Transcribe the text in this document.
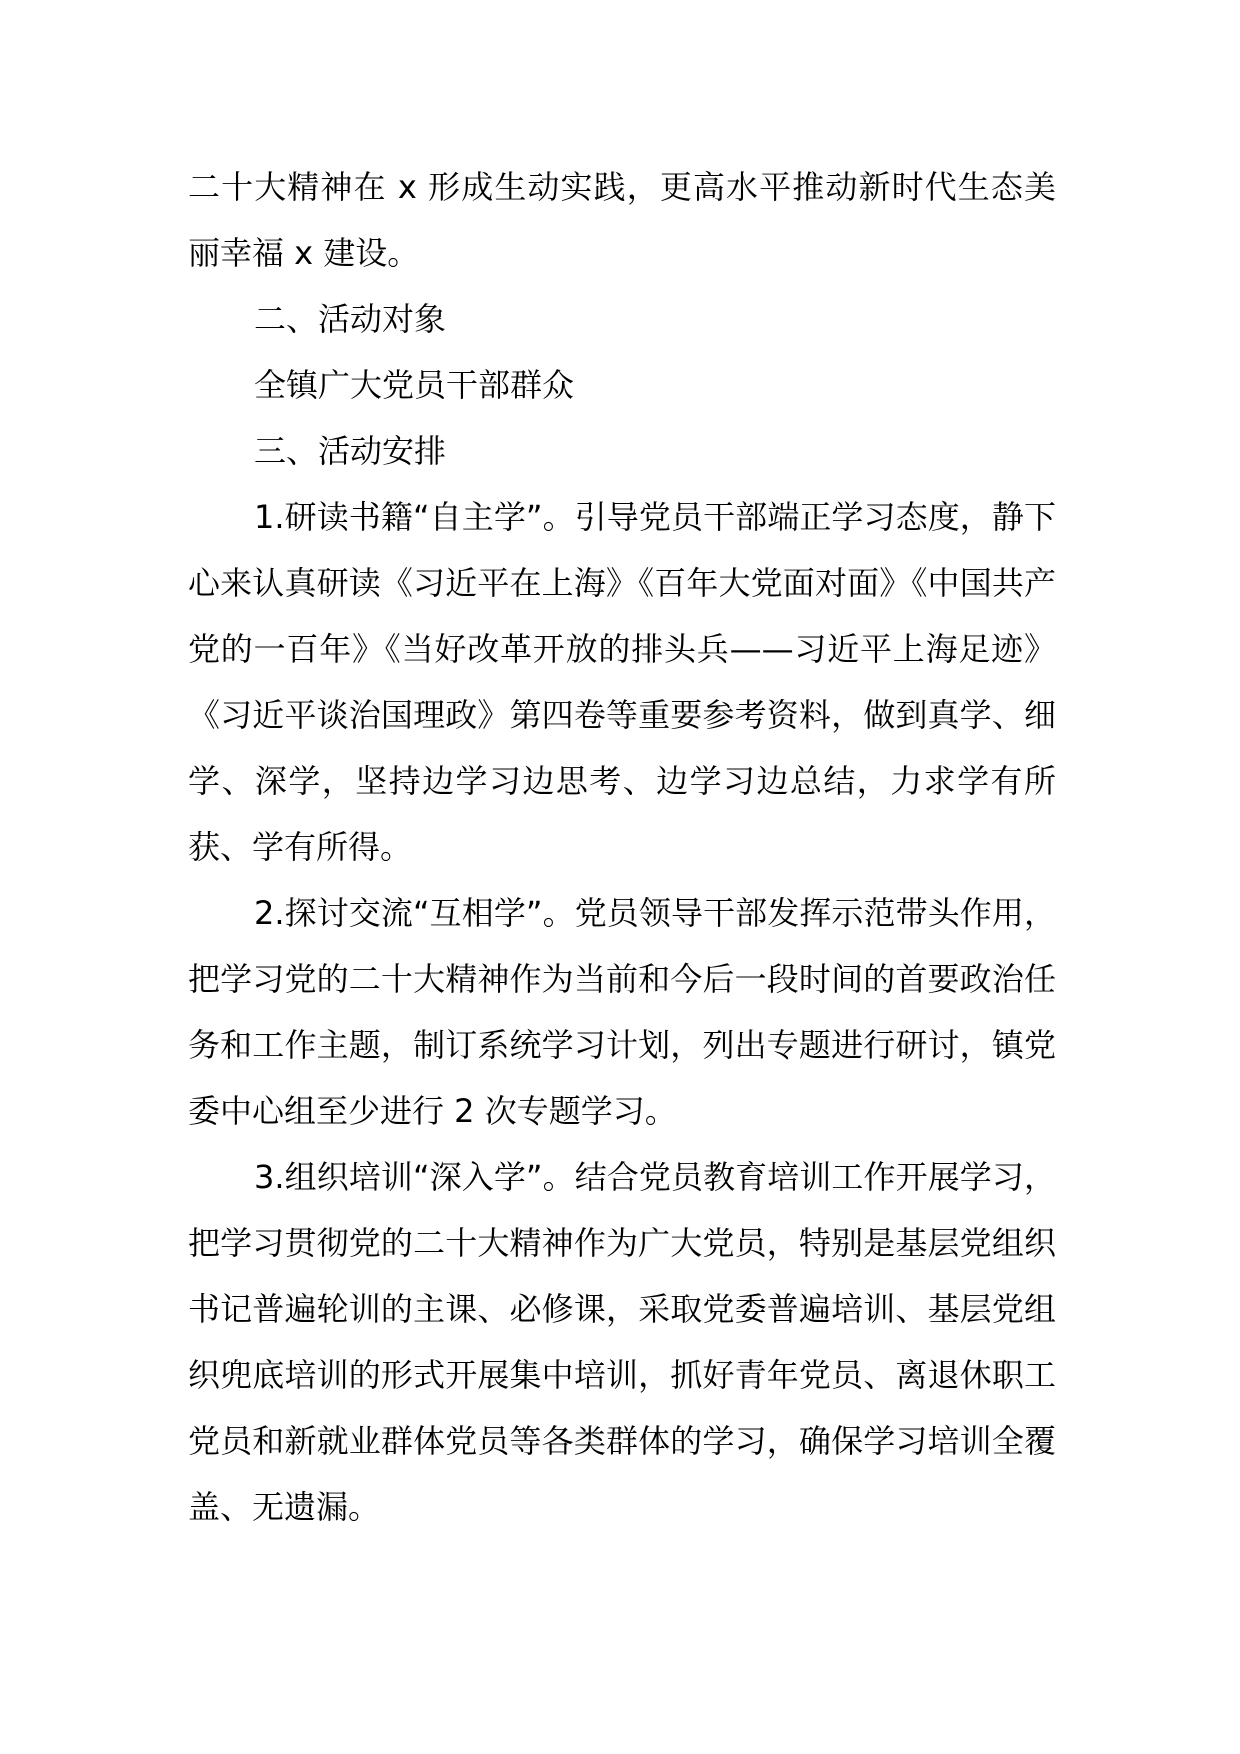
二十大精神在 x 形成生动实践，更高水平推动新时代生态美丽幸福 x 建设。

二、活动对象

全镇广大党员干部群众

三、活动安排

1.研读书籍“自主学”。引导党员干部端正学习态度，静下心来认真研读《习近平在上海》《百年大党面对面》《中国共产党的一百年》《当好改革开放的排头兵——习近平上海足迹》《习近平谈治国理政》第四卷等重要参考资料，做到真学、细学、深学，坚持边学习边思考、边学习边总结，力求学有所获、学有所得。

2.探讨交流“互相学”。党员领导干部发挥示范带头作用，把学习党的二十大精神作为当前和今后一段时间的首要政治任务和工作主题，制订系统学习计划，列出专题进行研讨，镇党委中心组至少进行 2 次专题学习。

3.组织培训“深入学”。结合党员教育培训工作开展学习，把学习贯彻党的二十大精神作为广大党员，特别是基层党组织书记普遍轮训的主课、必修课，采取党委普遍培训、基层党组织兜底培训的形式开展集中培训，抓好青年党员、离退休职工党员和新就业群体党员等各类群体的学习，确保学习培训全覆盖、无遗漏。
